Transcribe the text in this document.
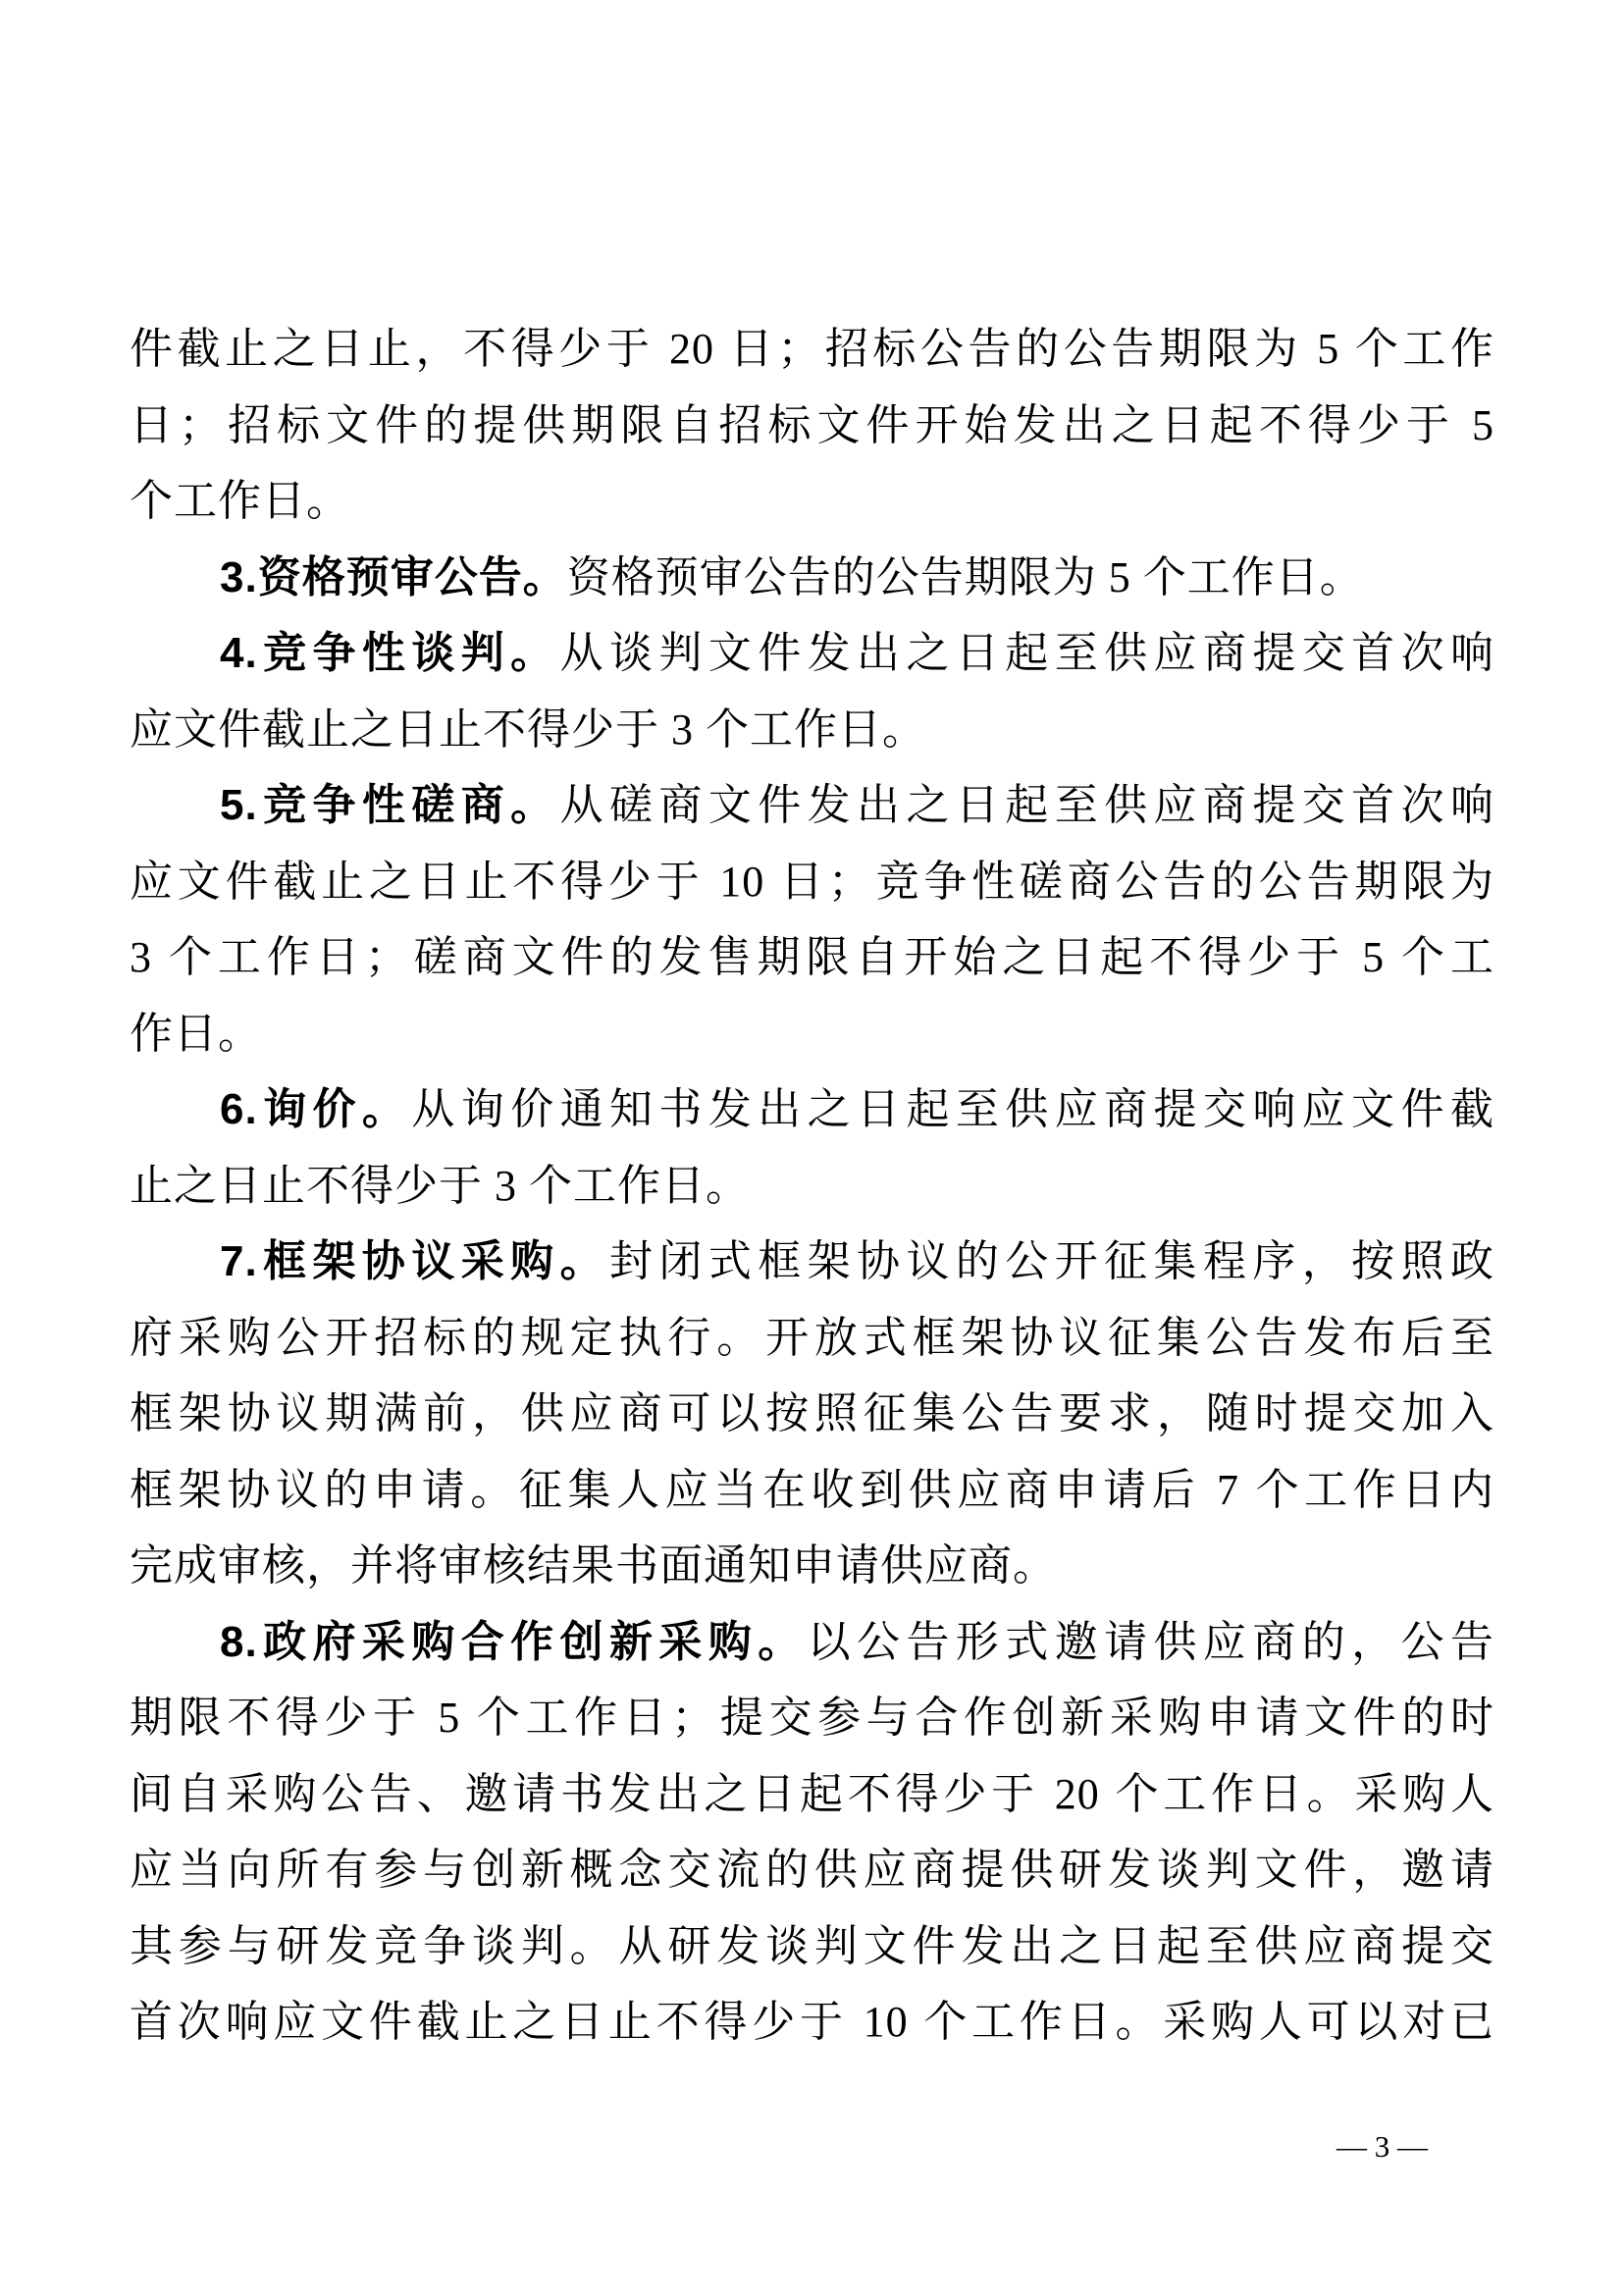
件截止之日止，不得少于 20 日；招标公告的公告期限为 5 个工作
日；招标文件的提供期限自招标文件开始发出之日起不得少于 5
个工作日。
3.资格预审公告。资格预审公告的公告期限为 5 个工作日。
4.竞争性谈判。从谈判文件发出之日起至供应商提交首次响
应文件截止之日止不得少于 3 个工作日。
5.竞争性磋商。从磋商文件发出之日起至供应商提交首次响
应文件截止之日止不得少于 10 日；竞争性磋商公告的公告期限为
3 个工作日；磋商文件的发售期限自开始之日起不得少于 5 个工
作日。
6.询价。从询价通知书发出之日起至供应商提交响应文件截
止之日止不得少于 3 个工作日。
7.框架协议采购。封闭式框架协议的公开征集程序，按照政
府采购公开招标的规定执行。开放式框架协议征集公告发布后至
框架协议期满前，供应商可以按照征集公告要求，随时提交加入
框架协议的申请。征集人应当在收到供应商申请后 7 个工作日内
完成审核，并将审核结果书面通知申请供应商。
8.政府采购合作创新采购。以公告形式邀请供应商的，公告
期限不得少于 5 个工作日；提交参与合作创新采购申请文件的时
间自采购公告、邀请书发出之日起不得少于 20 个工作日。采购人
应当向所有参与创新概念交流的供应商提供研发谈判文件，邀请
其参与研发竞争谈判。从研发谈判文件发出之日起至供应商提交
首次响应文件截止之日止不得少于 10 个工作日。采购人可以对已
— 3 —
